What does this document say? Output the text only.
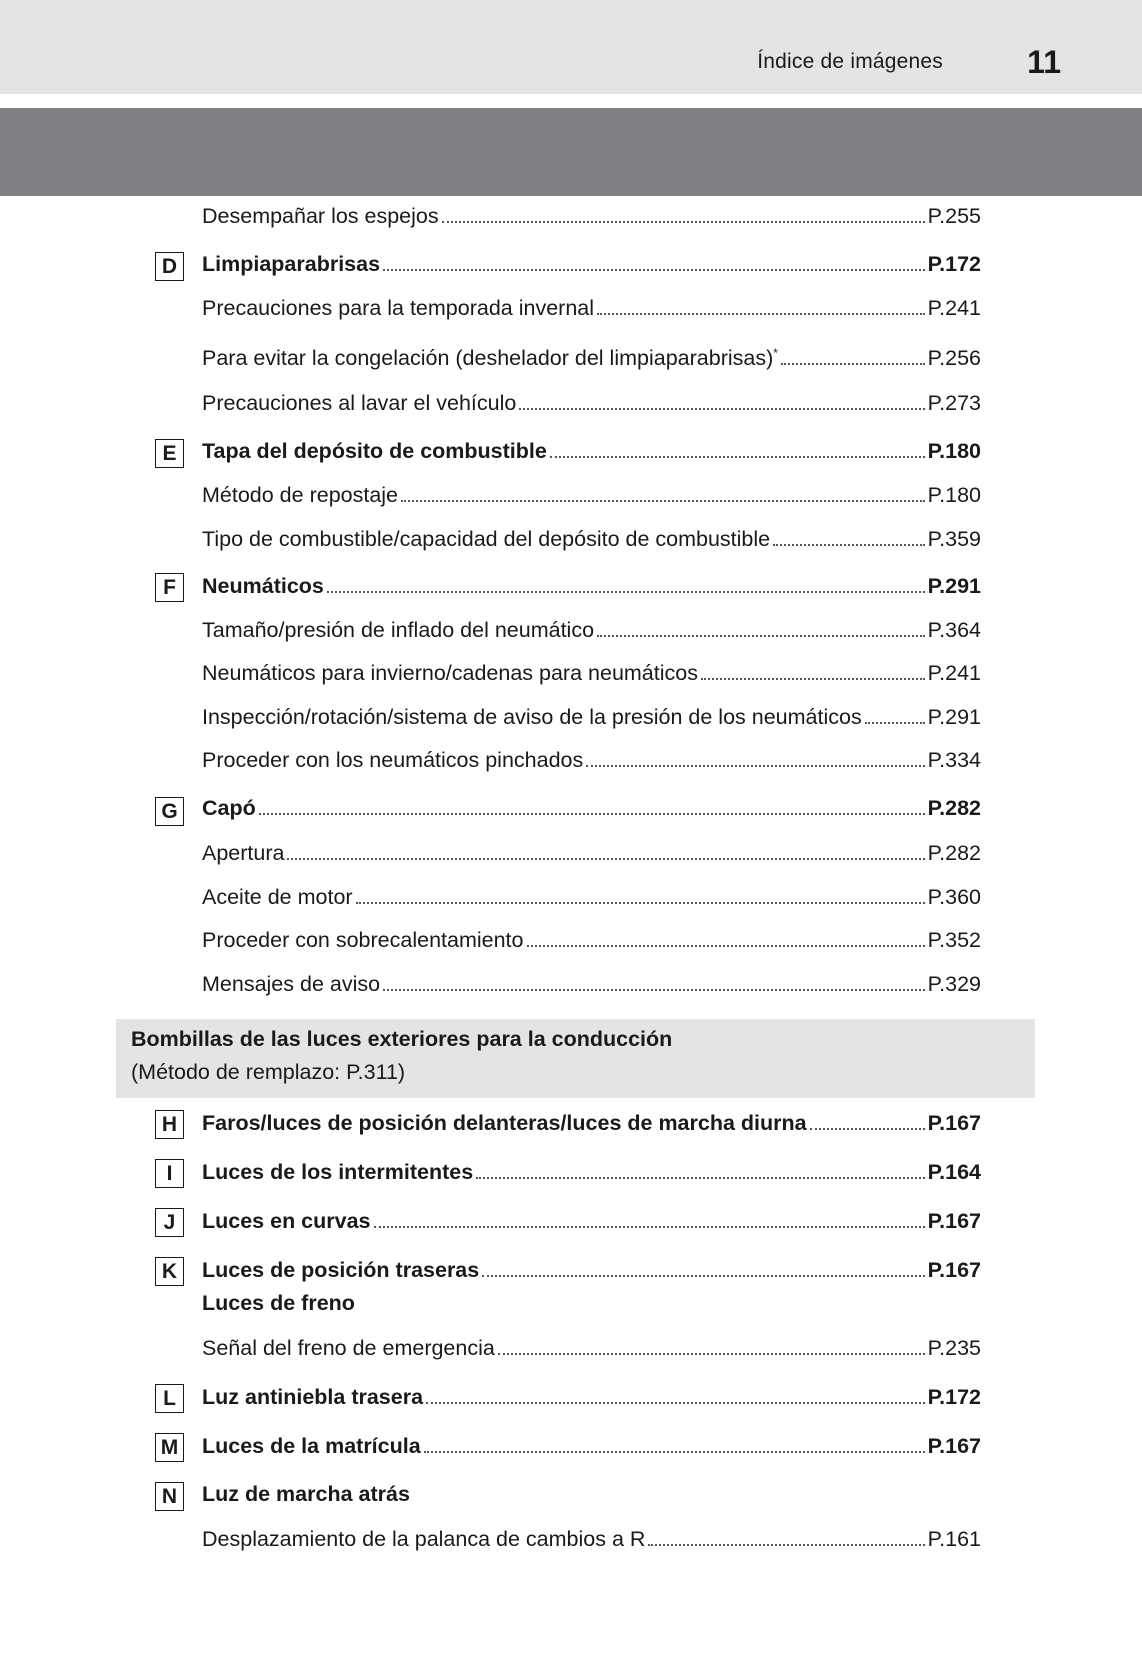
Índice de imágenes	11
Desempañar los espejos	P.255
D	Limpiaparabrisas	P.172
Precauciones para la temporada invernal	P.241
Para evitar la congelación (deshelador del limpiaparabrisas)*	P.256
Precauciones al lavar el vehículo	P.273
E	Tapa del depósito de combustible	P.180
Método de repostaje	P.180
Tipo de combustible/capacidad del depósito de combustible	P.359
F	Neumáticos	P.291
Tamaño/presión de inflado del neumático	P.364
Neumáticos para invierno/cadenas para neumáticos	P.241
Inspección/rotación/sistema de aviso de la presión de los neumáticos	P.291
Proceder con los neumáticos pinchados	P.334
G Capó	P.282
Apertura	P.282
Aceite de motor	P.360
Proceder con sobrecalentamiento	P.352
Mensajes de aviso	P.329
Bombillas de las luces exteriores para la conducción
(Método de remplazo: P.311)
H	Faros/luces de posición delanteras/luces de marcha diurna	P.167
I	Luces de los intermitentes	P.164
J	Luces en curvas	P.167
K	Luces de posición traseras	P.167
Luces de freno
Señal del freno de emergencia	P.235
L	Luz antiniebla trasera	P.172
M Luces de la matrícula	P.167
N	Luz de marcha atrás
Desplazamiento de la palanca de cambios a R	P.161
